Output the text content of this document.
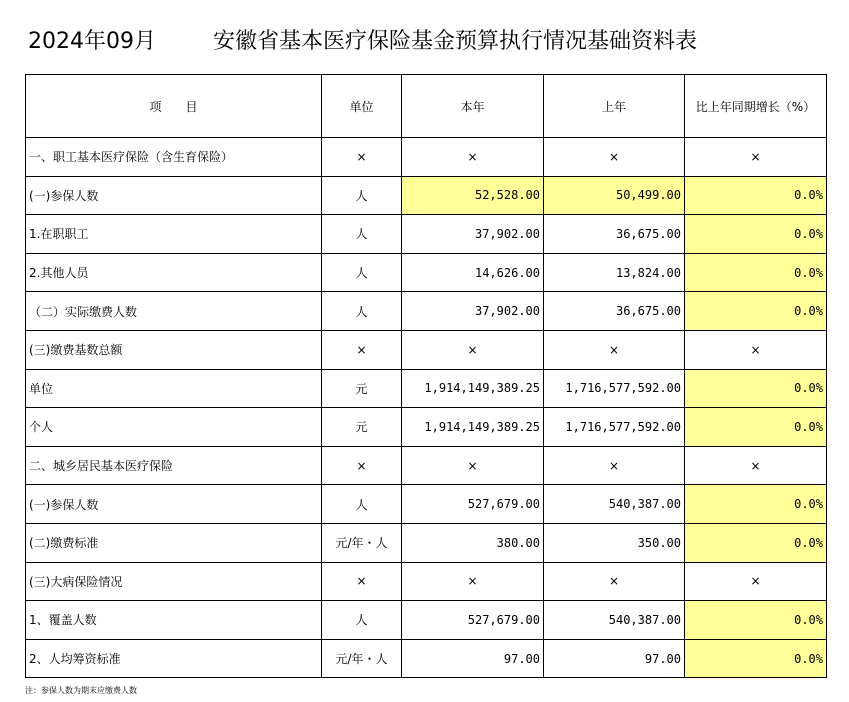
2024年09月	安徽省基本医疗保险基金预算执行情况基础资料表
项　　目	单位	本年	上年	比上年同期增长（%）
一、职工基本医疗保险（含生育保险）	×	×	×	×
(一)参保人数	人	52,528.00	50,499.00	0.0%
1.在职职工	人	37,902.00	36,675.00	0.0%
2.其他人员	人	14,626.00	13,824.00	0.0%
（二）实际缴费人数	人	37,902.00	36,675.00	0.0%
(三)缴费基数总额	×	×	×	×
单位	元	1,914,149,389.25	1,716,577,592.00	0.0%
个人	元	1,914,149,389.25	1,716,577,592.00	0.0%
二、城乡居民基本医疗保险	×	×	×	×
(一)参保人数	人	527,679.00	540,387.00	0.0%
(二)缴费标准	元/年・人	380.00	350.00	0.0%
(三)大病保险情况	×	×	×	×
1、覆盖人数	人	527,679.00	540,387.00	0.0%
2、人均筹资标准	元/年・人	97.00	97.00	0.0%
注：参保人数为期末应缴费人数
